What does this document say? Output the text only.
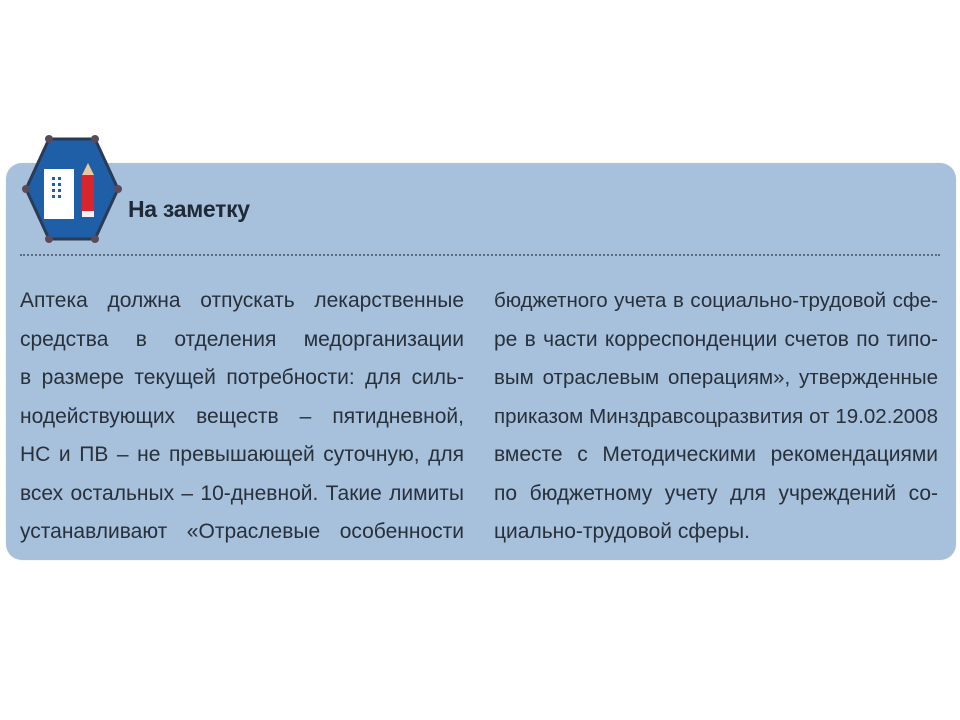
На заметку
Аптека должна отпускать лекарственные
средства в отделения медорганизации
в размере текущей потребности: для силь-
нодействующих веществ – пятидневной,
НС и ПВ – не превышающей суточную, для
всех остальных – 10-дневной. Такие лимиты
устанавливают «Отраслевые особенности
бюджетного учета в социально-трудовой сфе-
ре в части корреспонденции счетов по типо-
вым отраслевым операциям», утвержденные
приказом Минздравсоцразвития от 19.02.2008
вместе с Методическими рекомендациями
по бюджетному учету для учреждений со-
циально-трудовой сферы.
